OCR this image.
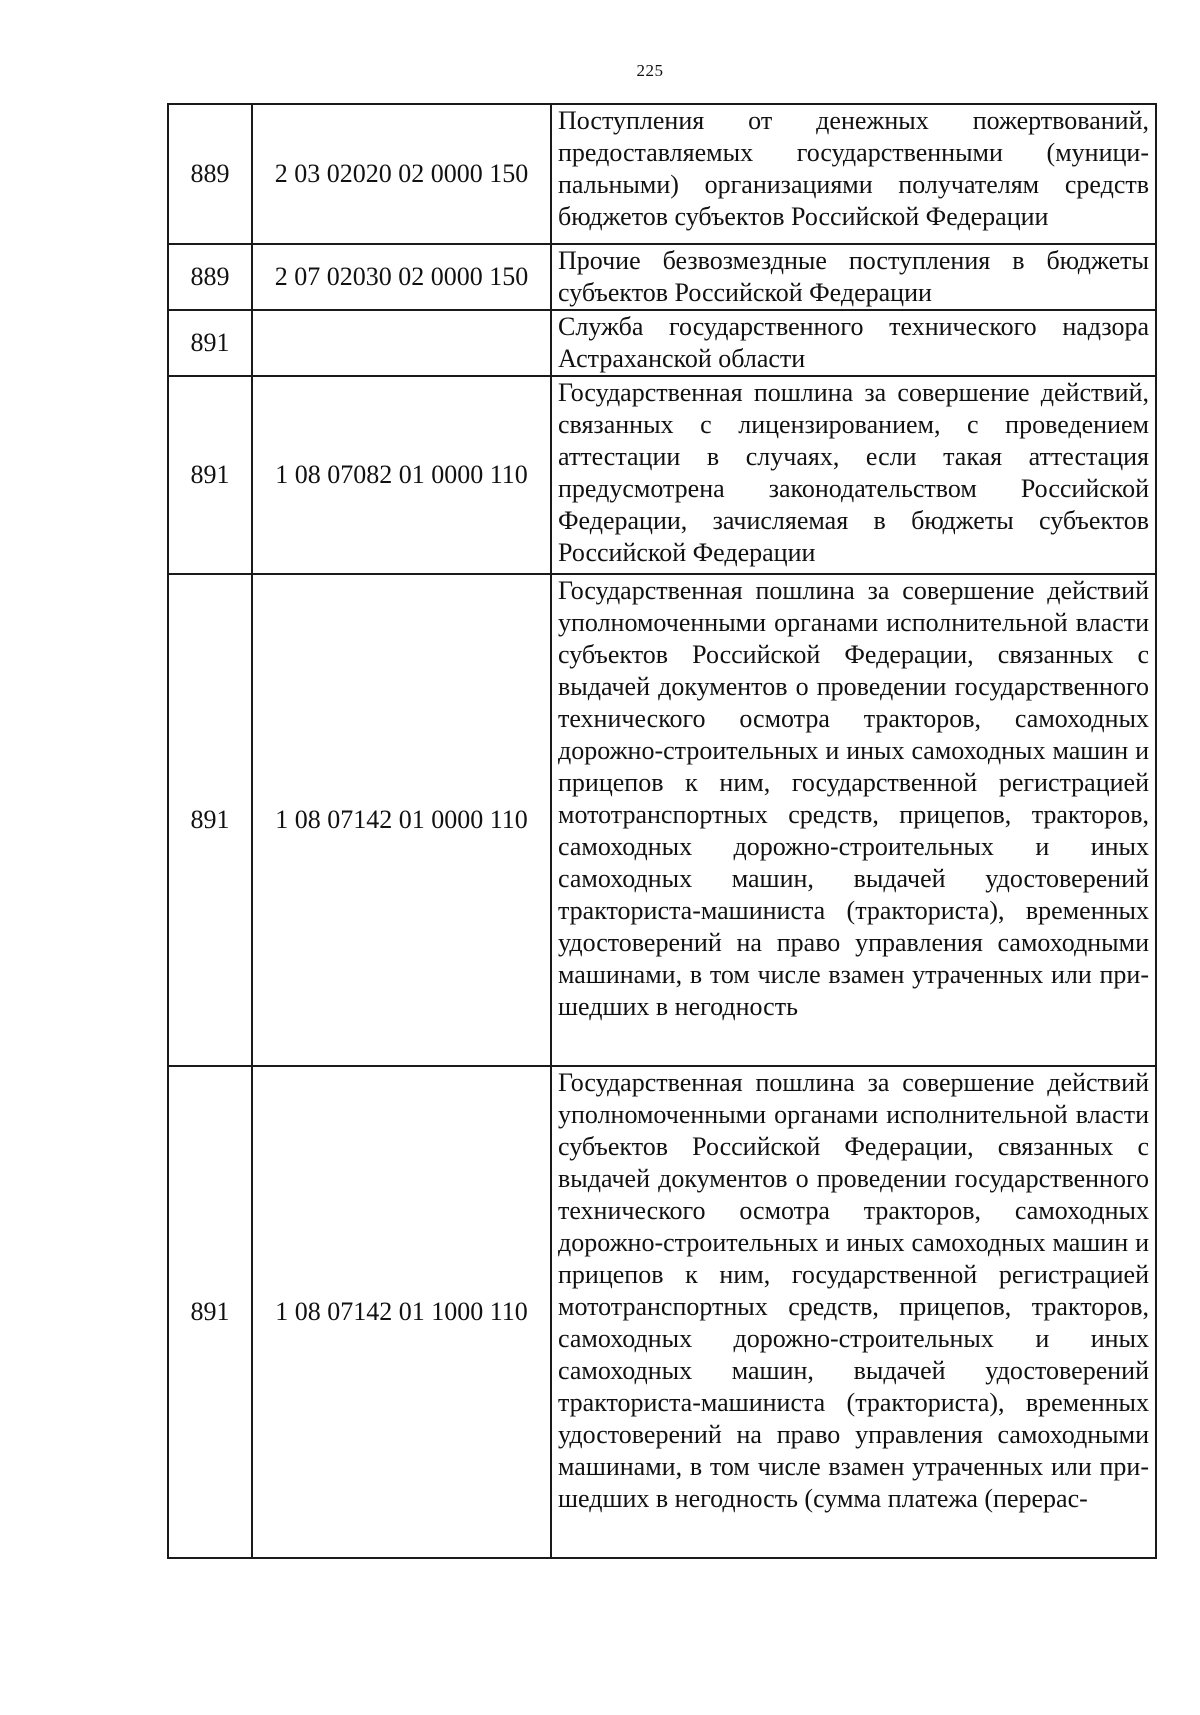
225
889	2 03 02020 02 0000 150	Поступления от денежных пожертвований, предоставляемых государственными (муниципальными) организациями получателям средств бюджетов субъектов Российской Федерации

889	2 07 02030 02 0000 150	Прочие безвозмездные поступления в бюджеты субъектов Российской Федерации

891		Служба государственного технического надзора Астраханской области

891	1 08 07082 01 0000 110	Государственная пошлина за совершение действий, связанных с лицензированием, с проведением аттестации в случаях, если такая аттестация предусмотрена законодательством Российской Федерации, зачисляемая в бюджеты субъектов Российской Федерации

891	1 08 07142 01 0000 110	Государственная пошлина за совершение действий уполномоченными органами исполнительной власти субъектов Российской Федерации, связанных с выдачей документов о проведении государственного технического осмотра тракторов, самоходных дорожно-строительных и иных самоходных машин и прицепов к ним, государственной регистрацией мототранспортных средств, прицепов, тракторов, самоходных дорожно-строительных и иных самоходных машин, выдачей удостоверений тракториста-машиниста (тракториста), временных удостоверений на право управления самоходными машинами, в том числе взамен утраченных или пришедших в негодность

891	1 08 07142 01 1000 110	Государственная пошлина за совершение действий уполномоченными органами исполнительной власти субъектов Российской Федерации, связанных с выдачей документов о проведении государственного технического осмотра тракторов, самоходных дорожно-строительных и иных самоходных машин и прицепов к ним, государственной регистрацией мототранспортных средств, прицепов, тракторов, самоходных дорожно-строительных и иных самоходных машин, выдачей удостоверений тракториста-машиниста (тракториста), временных удостоверений на право управления самоходными машинами, в том числе взамен утраченных или пришедших в негодность (сумма платежа (перерас-
